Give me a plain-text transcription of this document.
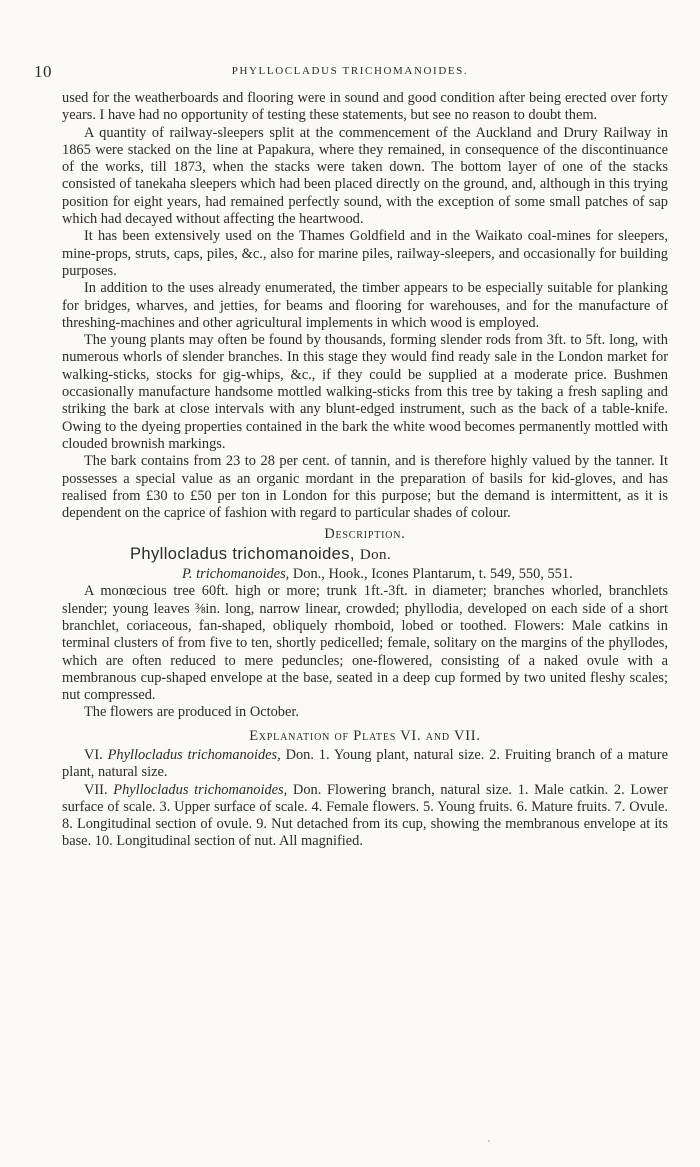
10	PHYLLOCLADUS TRICHOMANOIDES.

used for the weatherboards and flooring were in sound and good condition after being erected over forty years. I have had no opportunity of testing these statements, but see no reason to doubt them.

A quantity of railway-sleepers split at the commencement of the Auckland and Drury Railway in 1865 were stacked on the line at Papakura, where they remained, in consequence of the discontinuance of the works, till 1873, when the stacks were taken down. The bottom layer of one of the stacks consisted of tanekaha sleepers which had been placed directly on the ground, and, although in this trying position for eight years, had remained perfectly sound, with the exception of some small patches of sap which had decayed without affecting the heartwood.

It has been extensively used on the Thames Goldfield and in the Waikato coal-mines for sleepers, mine-props, struts, caps, piles, &c., also for marine piles, railway-sleepers, and occasionally for building purposes.

In addition to the uses already enumerated, the timber appears to be especially suitable for planking for bridges, wharves, and jetties, for beams and flooring for warehouses, and for the manufacture of threshing-machines and other agricultural implements in which wood is employed.

The young plants may often be found by thousands, forming slender rods from 3ft. to 5ft. long, with numerous whorls of slender branches. In this stage they would find ready sale in the London market for walking-sticks, stocks for gig-whips, &c., if they could be supplied at a moderate price. Bushmen occasionally manufacture handsome mottled walking-sticks from this tree by taking a fresh sapling and striking the bark at close intervals with any blunt-edged instrument, such as the back of a table-knife. Owing to the dyeing properties contained in the bark the white wood becomes permanently mottled with clouded brownish markings.

The bark contains from 23 to 28 per cent. of tannin, and is therefore highly valued by the tanner. It possesses a special value as an organic mordant in the preparation of basils for kid-gloves, and has realised from £30 to £50 per ton in London for this purpose; but the demand is intermittent, as it is dependent on the caprice of fashion with regard to particular shades of colour.

Description.
Phyllocladus trichomanoides, Don.

P. trichomanoides, Don., Hook., Icones Plantarum, t. 549, 550, 551.

A monœcious tree 60ft. high or more; trunk 1ft.-3ft. in diameter; branches whorled, branchlets slender; young leaves ⅜in. long, narrow linear, crowded; phyllodia, developed on each side of a short branchlet, coriaceous, fan-shaped, obliquely rhomboid, lobed or toothed. Flowers: Male catkins in terminal clusters of from five to ten, shortly pedicelled; female, solitary on the margins of the phyllodes, which are often reduced to mere peduncles; one-flowered, consisting of a naked ovule with a membranous cup-shaped envelope at the base, seated in a deep cup formed by two united fleshy scales; nut compressed.

The flowers are produced in October.

Explanation of Plates VI. and VII.

VI. Phyllocladus trichomanoides, Don. 1. Young plant, natural size. 2. Fruiting branch of a mature plant, natural size.

VII. Phyllocladus trichomanoides, Don. Flowering branch, natural size. 1. Male catkin. 2. Lower surface of scale. 3. Upper surface of scale. 4. Female flowers. 5. Young fruits. 6. Mature fruits. 7. Ovule. 8. Longitudinal section of ovule. 9. Nut detached from its cup, showing the membranous envelope at its base. 10. Longitudinal section of nut. All magnified.
